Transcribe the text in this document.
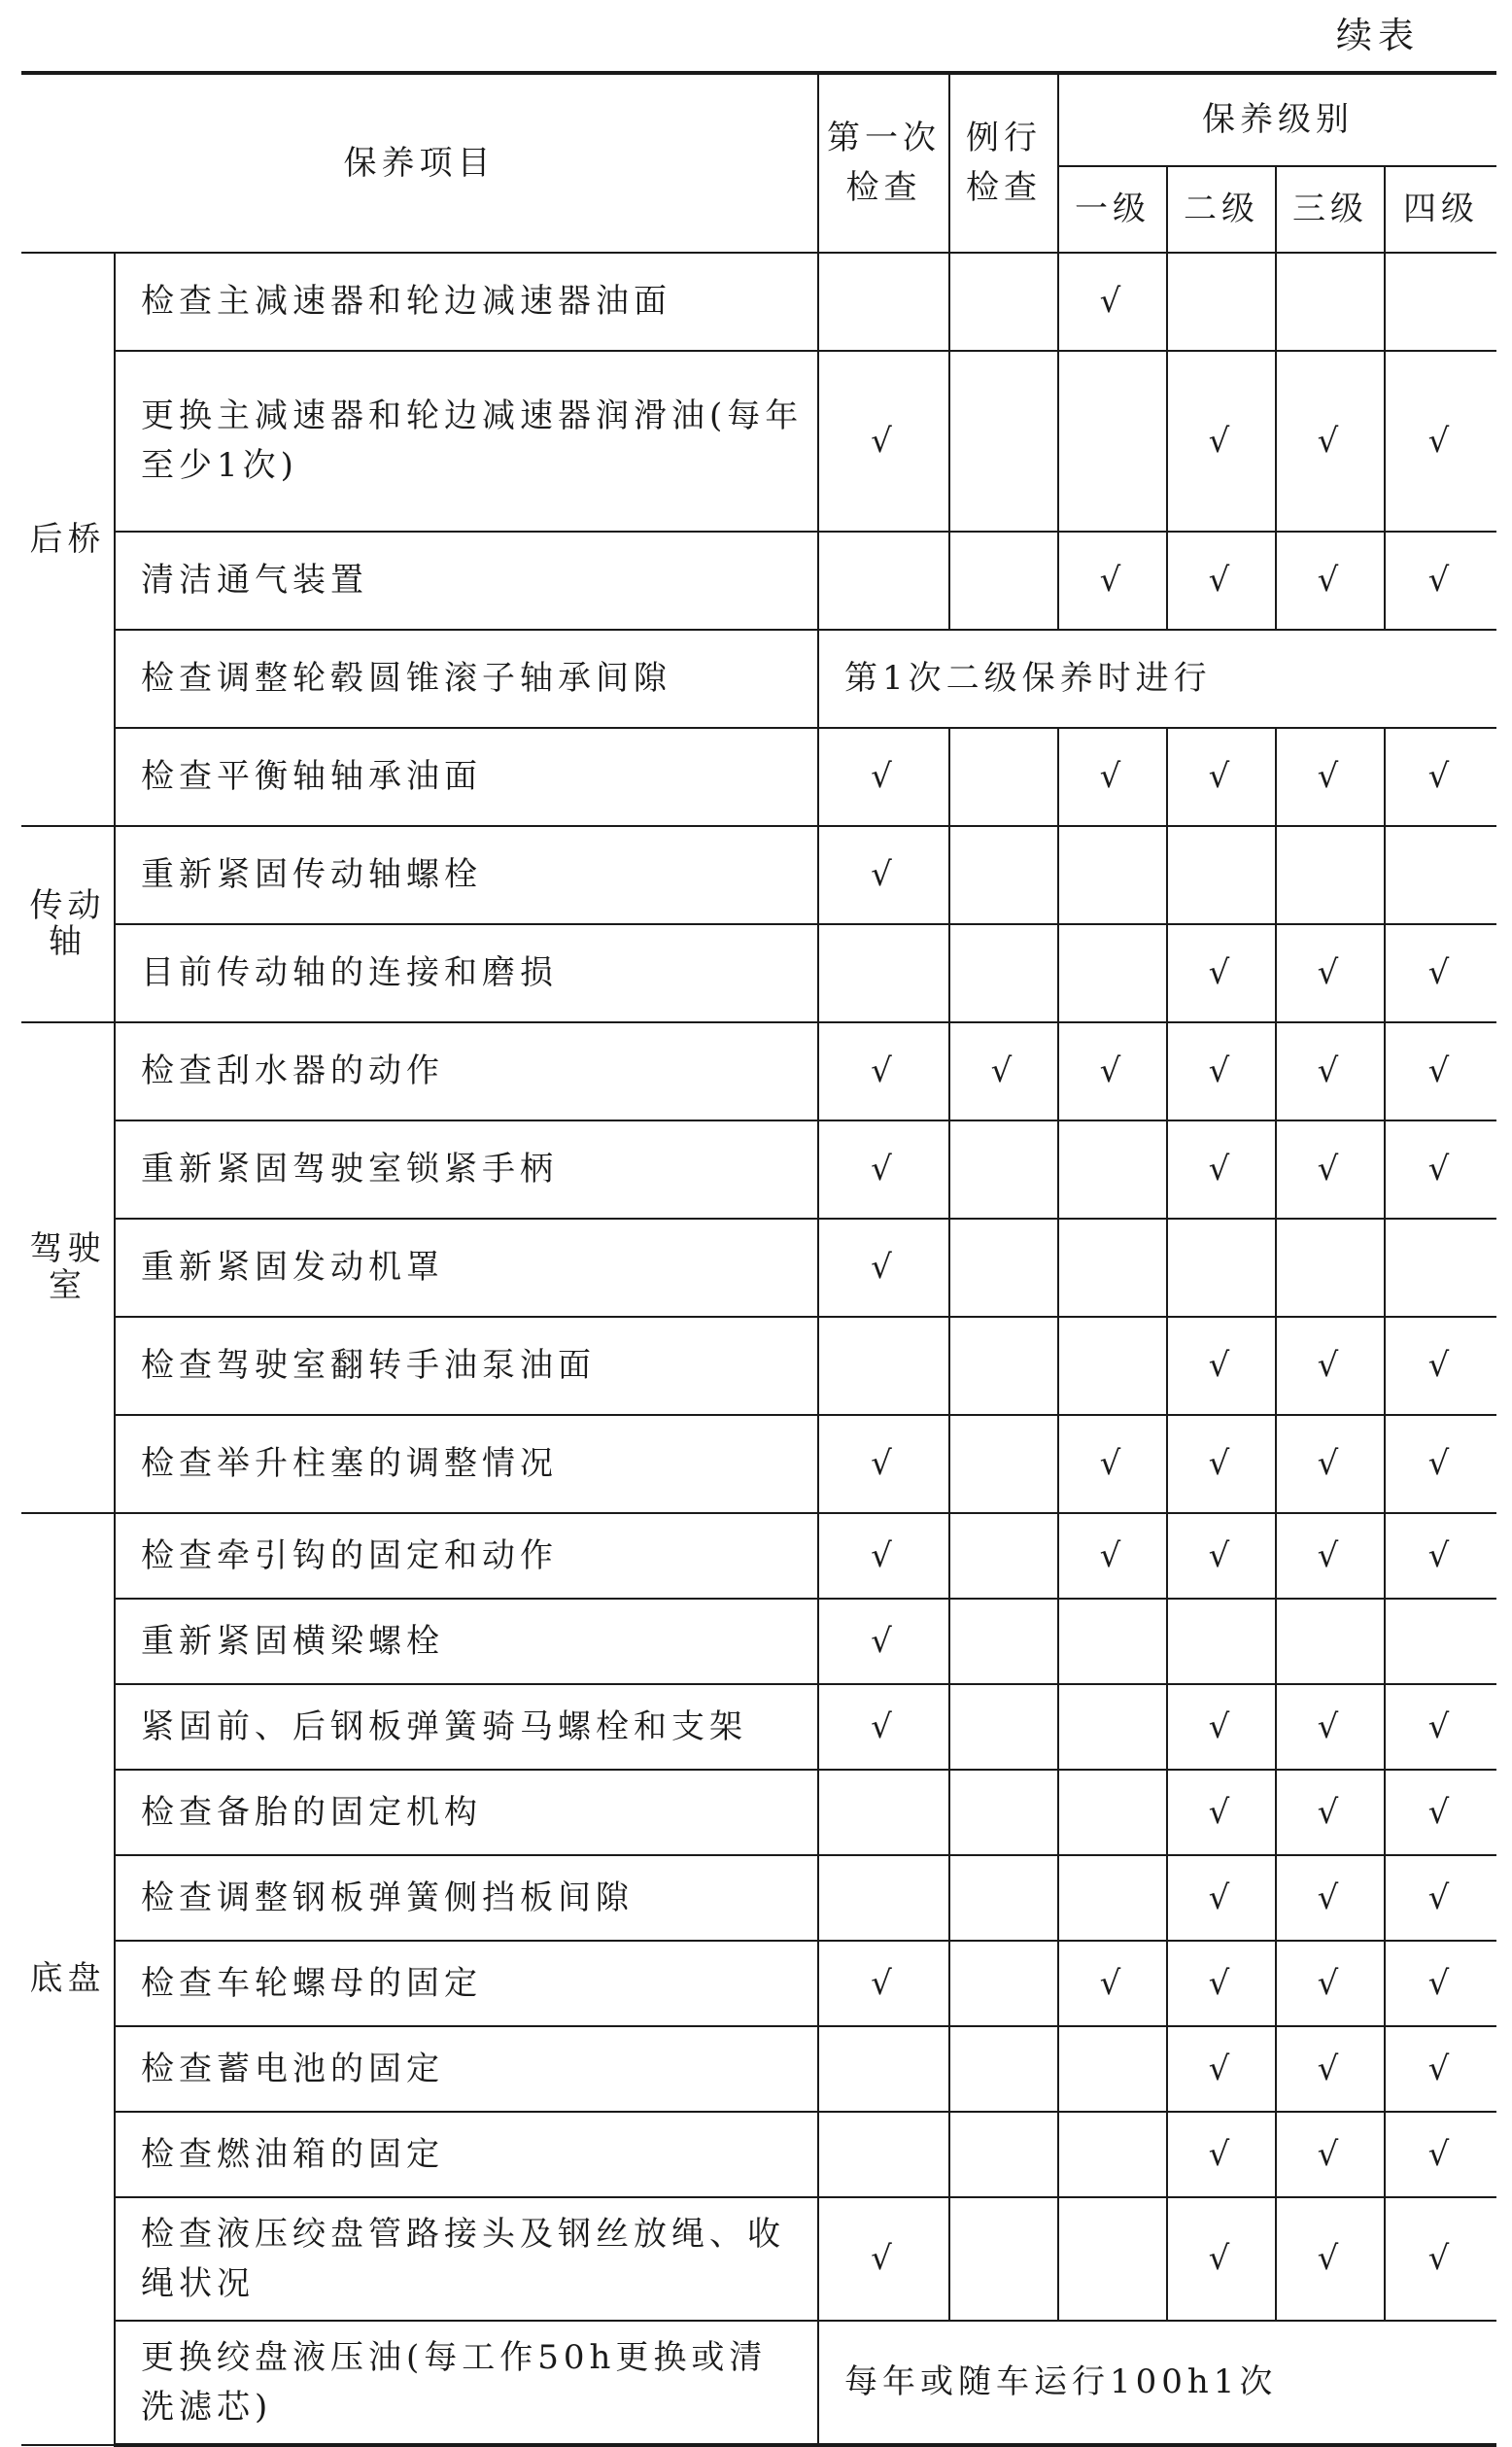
续表
保养项目		第一次检查	例行检查	保养级别			
				一级	二级	三级	四级
后桥	检查主减速器和轮边减速器油面			√			
	更换主减速器和轮边减速器润滑油(每年至少1次)	√			√	√	√
	清洁通气装置			√	√	√	√
	检查调整轮毂圆锥滚子轴承间隙	第1次二级保养时进行					
	检查平衡轴轴承油面	√		√	√	√	√
传动轴	重新紧固传动轴螺栓	√					
	目前传动轴的连接和磨损				√	√	√
驾驶室	检查刮水器的动作	√	√	√	√	√	√
	重新紧固驾驶室锁紧手柄	√			√	√	√
	重新紧固发动机罩	√					
	检查驾驶室翻转手油泵油面				√	√	√
	检查举升柱塞的调整情况	√		√	√	√	√
底盘	检查牵引钩的固定和动作	√		√	√	√	√
	重新紧固横梁螺栓	√					
	紧固前、后钢板弹簧骑马螺栓和支架	√			√	√	√
	检查备胎的固定机构				√	√	√
	检查调整钢板弹簧侧挡板间隙				√	√	√
	检查车轮螺母的固定	√		√	√	√	√
	检查蓄电池的固定				√	√	√
	检查燃油箱的固定				√	√	√
	检查液压绞盘管路接头及钢丝放绳、收绳状况	√			√	√	√
	更换绞盘液压油(每工作50h更换或清洗滤芯)	每年或随车运行100h1次					
